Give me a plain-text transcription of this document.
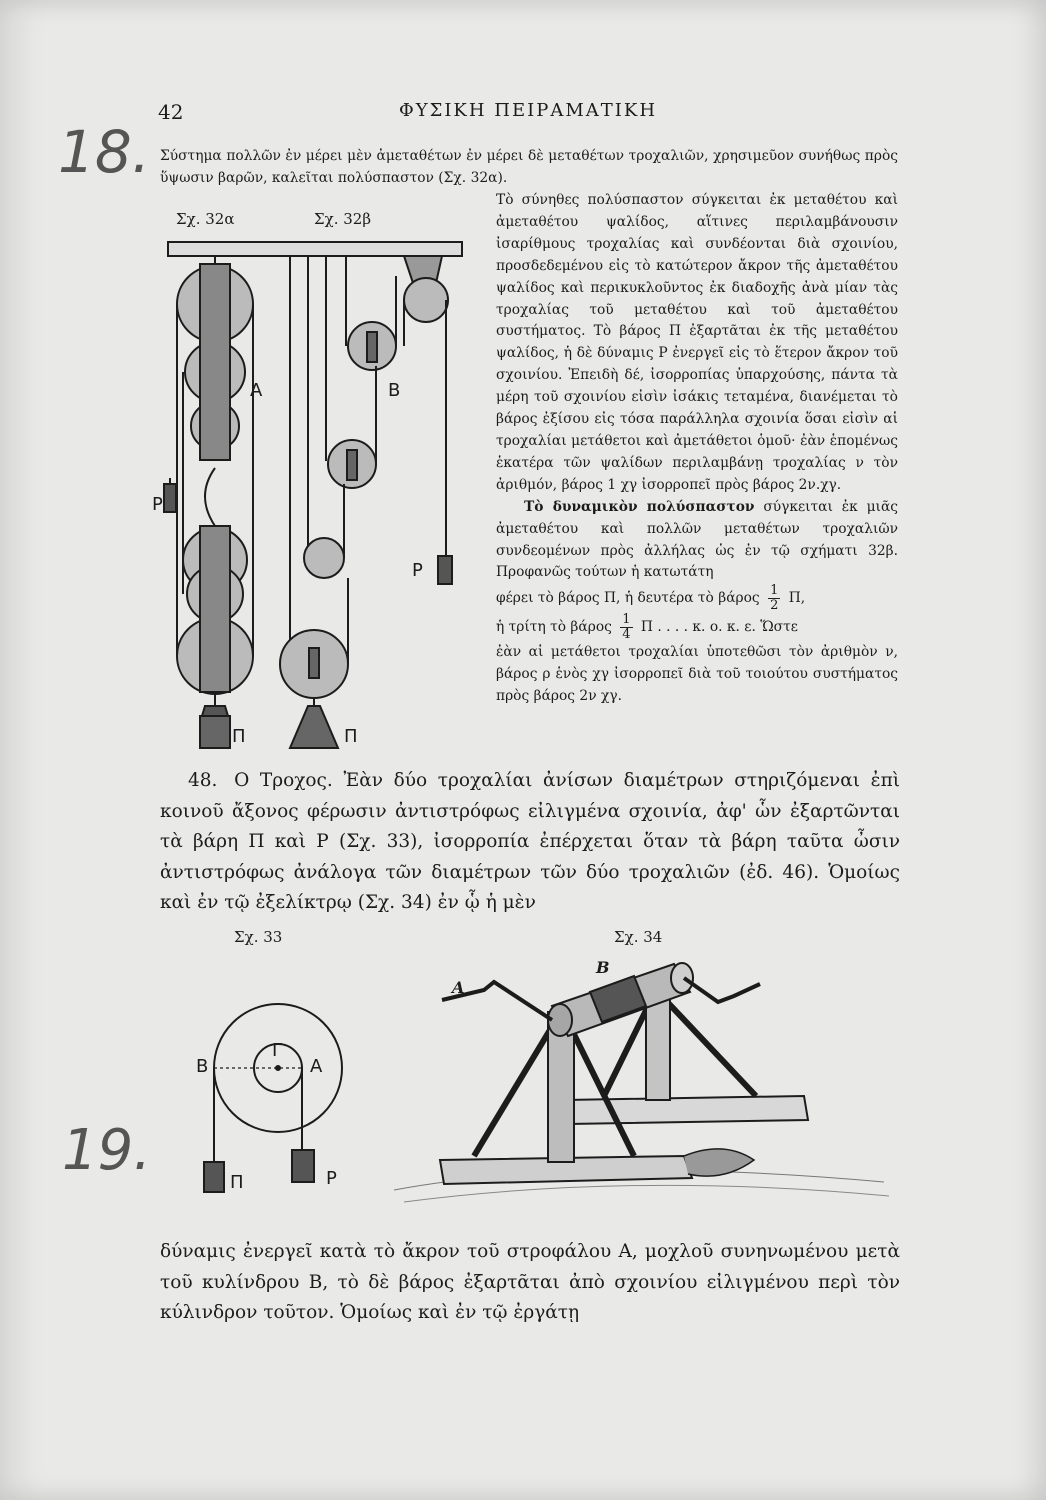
42	ΦΥΣΙΚΗ ΠΕΙΡΑΜΑΤΙΚΗ
18.
19.
Σύστημα πολλῶν ἐν μέρει μὲν ἀμεταθέτων ἐν μέρει δὲ μεταθέτων τροχαλιῶν, χρησιμεῦον συνήθως πρὸς ὕψωσιν βαρῶν, καλεῖται πολύσπαστον (Σχ. 32α).

Τὸ σύνηθες πολύσπαστον σύγκειται ἐκ μεταθέτου καὶ ἀμεταθέτου ψαλίδος, αἵτινες περιλαμβάνουσιν ἰσαρίθμους τροχαλίας καὶ συνδέονται διὰ σχοινίου, προσδεδεμένου εἰς τὸ κατώτερον ἄκρον τῆς ἀμεταθέτου ψαλίδος καὶ περικυκλοῦντος ἐκ διαδοχῆς ἀνὰ μίαν τὰς τροχαλίας τοῦ μεταθέτου καὶ τοῦ ἀμεταθέτου συστήματος. Τὸ βάρος Π ἐξαρτᾶται ἐκ τῆς μεταθέτου ψαλίδος, ἡ δὲ δύναμις Ρ ἐνεργεῖ εἰς τὸ ἕτερον ἄκρον τοῦ σχοινίου. Ἐπειδὴ δέ, ἰσορροπίας ὑπαρχούσης, πάντα τὰ μέρη τοῦ σχοινίου εἰσὶν ἰσάκις τεταμένα, διανέμεται τὸ βάρος ἐξίσου εἰς τόσα παράλληλα σχοινία ὅσαι εἰσὶν αἱ τροχαλίαι μετάθετοι καὶ ἀμετάθετοι ὁμοῦ· ἐὰν ἑπομένως ἑκατέρα τῶν ψαλίδων περιλαμβάνῃ τροχαλίας ν τὸν ἀριθμόν, βάρος 1 χγ ἰσορροπεῖ πρὸς βάρος 2ν.χγ.

Τὸ δυναμικὸν πολύσπαστον σύγκειται ἐκ μιᾶς ἀμεταθέτου καὶ πολλῶν μεταθέτων τροχαλιῶν συνδεομένων πρὸς ἀλλήλας ὡς ἐν τῷ σχήματι 32β. Προφανῶς τούτων ἡ κατωτάτη

φέρει τὸ βάρος Π, ἡ δευτέρα τὸ βάρος $\frac{1}{2} \Pi$,

ἡ τρίτη τὸ βάρος $\frac{1}{4}$ Π . . . . κ. ο. κ. ε. Ὥστε

ἐὰν αἱ μετάθετοι τροχαλίαι ὑποτεθῶσι τὸν ἀριθμὸν ν, βάρος ρ ἑνὸς χγ ἰσορροπεῖ διὰ τοῦ τοιούτου συστήματος πρὸς βάρος 2ν χγ.

Σχ. 32α	Σχ. 32β
Α
Ρ
Π
Β
Ρ
Π

48. Ο Τροχος. Ἐὰν δύο τροχαλίαι ἀνίσων διαμέτρων στηριζόμεναι ἐπὶ κοινοῦ ἄξονος φέρωσιν ἀντιστρόφως εἰλιγμένα σχοινία, ἀφ' ὧν ἐξαρτῶνται τὰ βάρη Π καὶ Ρ (Σχ. 33), ἰσορροπία ἐπέρχεται ὅταν τὰ βάρη ταῦτα ὦσιν ἀντιστρόφως ἀνάλογα τῶν διαμέτρων τῶν δύο τροχαλιῶν (ἐδ. 46). Ὁμοίως καὶ ἐν τῷ ἐξελίκτρῳ (Σχ. 34) ἐν ᾧ ἡ μὲν

Σχ. 33
Β
Γ
Α
Π	Ρ
Σχ. 34
A
B
δύναμις ἐνεργεῖ κατὰ τὸ ἄκρον τοῦ στροφάλου Α, μοχλοῦ συνηνωμένου μετὰ τοῦ κυλίνδρου Β, τὸ δὲ βάρος ἐξαρτᾶται ἀπὸ σχοινίου εἰλιγμένου περὶ τὸν κύλινδρον τοῦτον. Ὁμοίως καὶ ἐν τῷ ἐργάτῃ
